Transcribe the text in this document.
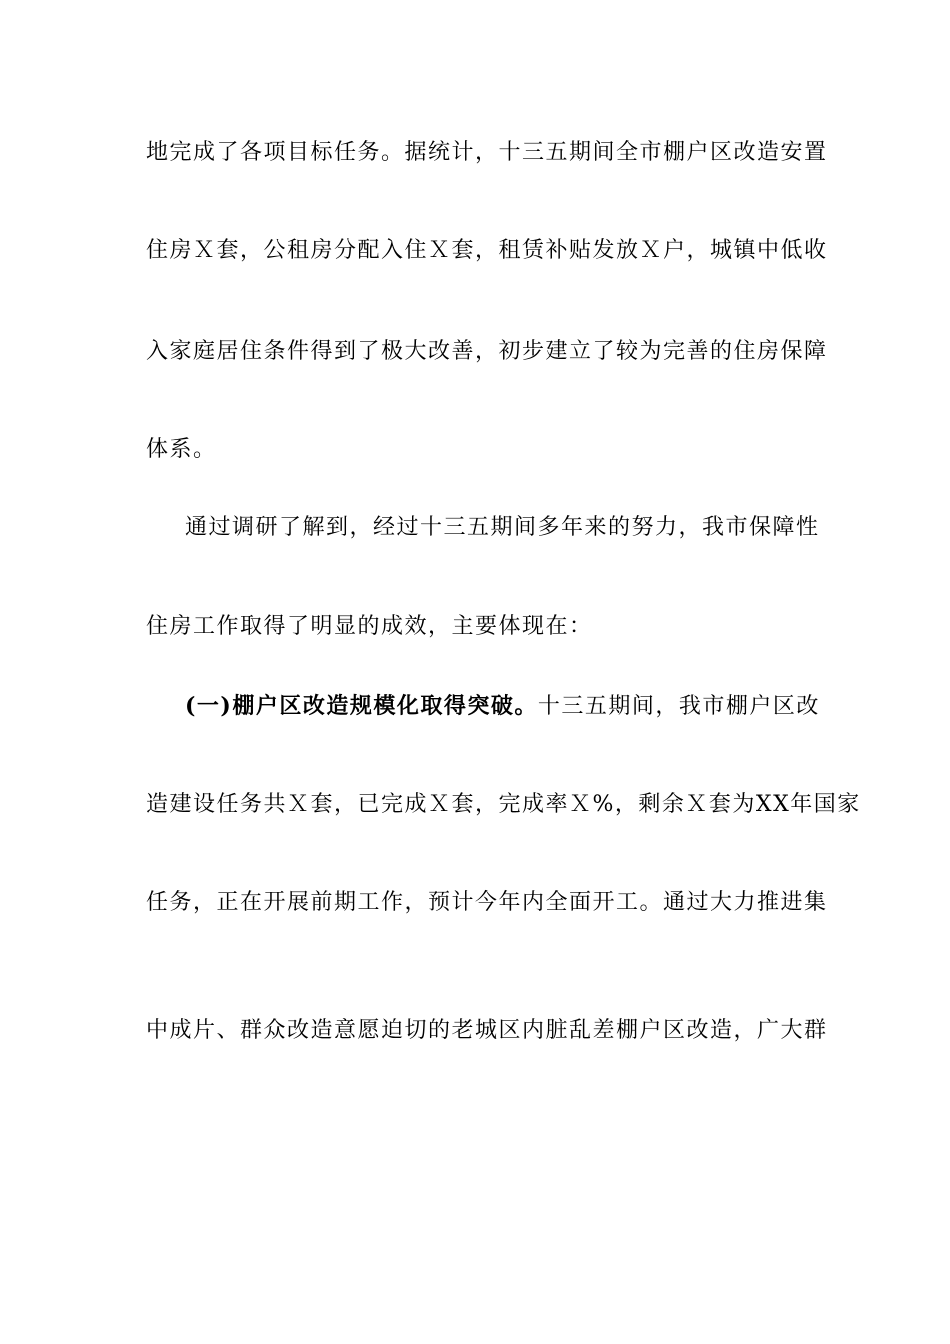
地完成了各项目标任务。据统计，十三五期间全市棚户区改造安置
住房Ｘ套，公租房分配入住Ｘ套，租赁补贴发放Ｘ户，城镇中低收
入家庭居住条件得到了极大改善，初步建立了较为完善的住房保障
体系。
通过调研了解到，经过十三五期间多年来的努力，我市保障性
住房工作取得了明显的成效，主要体现在：
(一)棚户区改造规模化取得突破。十三五期间，我市棚户区改
造建设任务共Ｘ套，已完成Ｘ套，完成率Ｘ%，剩余Ｘ套为XX年国家
任务，正在开展前期工作，预计今年内全面开工。通过大力推进集
中成片、群众改造意愿迫切的老城区内脏乱差棚户区改造，广大群
